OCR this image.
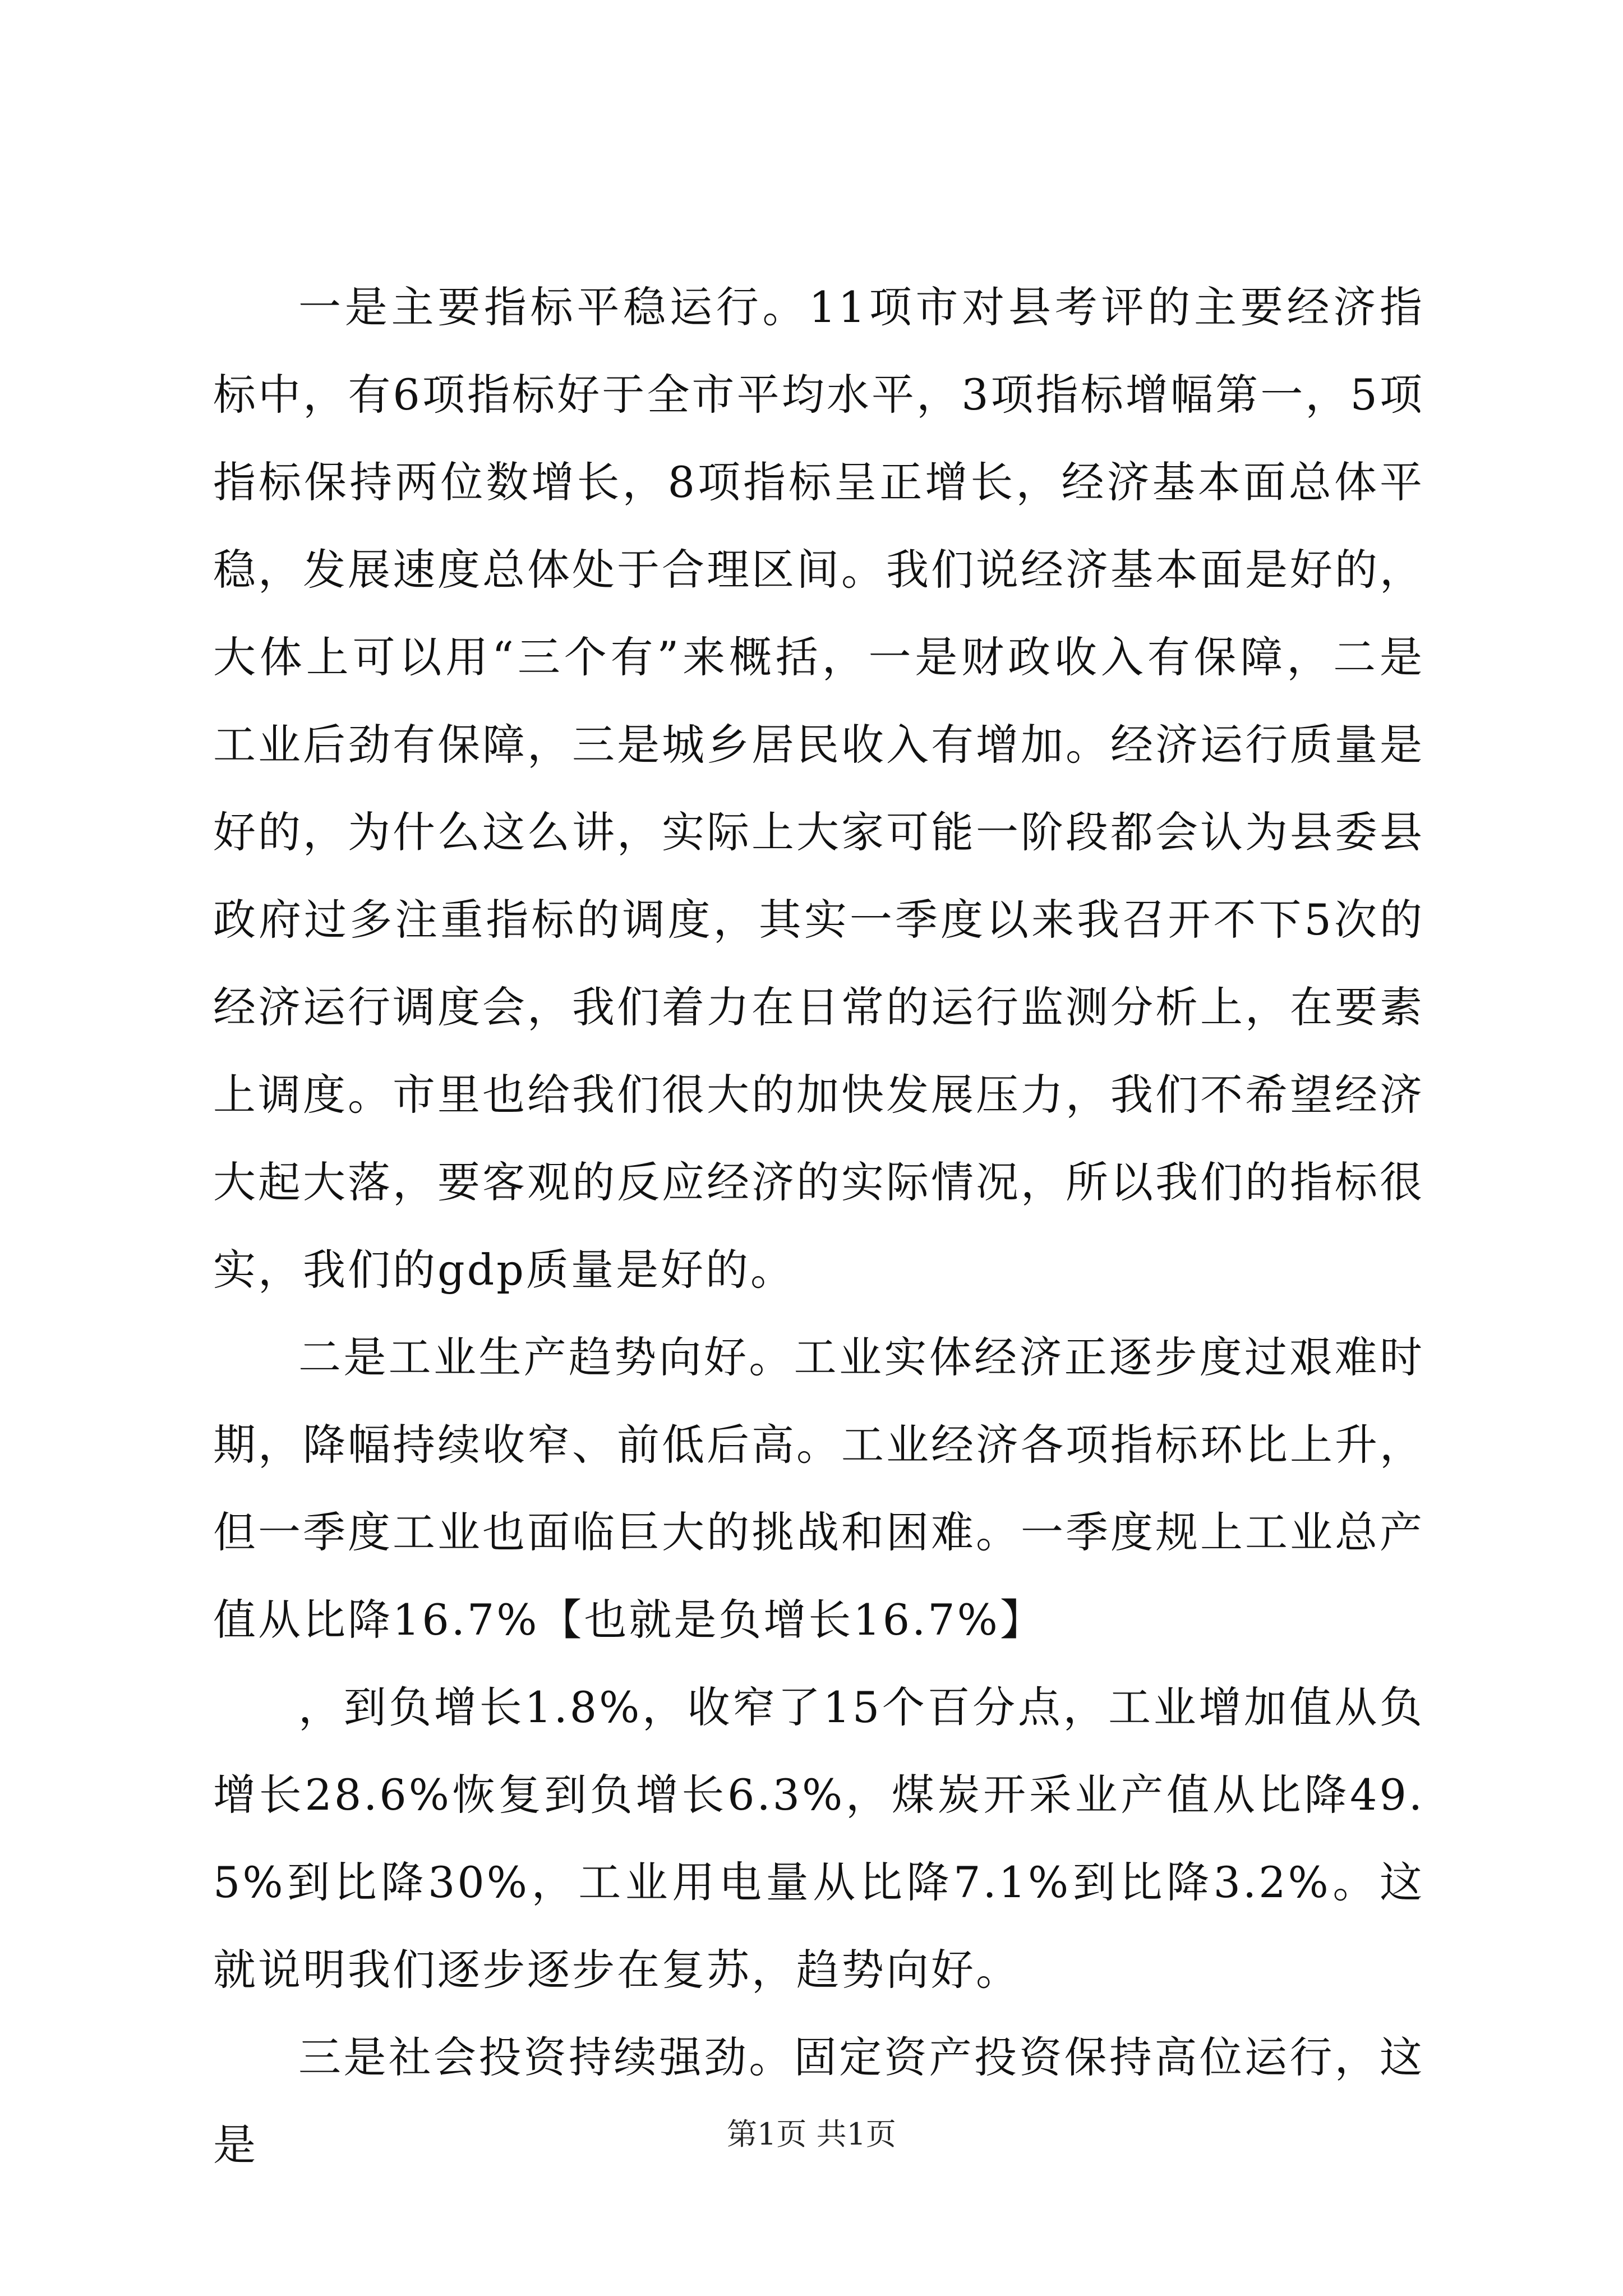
一是主要指标平稳运行。11项市对县考评的主要经济指标中，有6项指标好于全市平均水平，3项指标增幅第一，5项指标保持两位数增长，8项指标呈正增长，经济基本面总体平稳，发展速度总体处于合理区间。我们说经济基本面是好的，大体上可以用“三个有”来概括，一是财政收入有保障，二是工业后劲有保障，三是城乡居民收入有增加。经济运行质量是好的，为什么这么讲，实际上大家可能一阶段都会认为县委县政府过多注重指标的调度，其实一季度以来我召开不下5次的经济运行调度会，我们着力在日常的运行监测分析上，在要素上调度。市里也给我们很大的加快发展压力，我们不希望经济大起大落，要客观的反应经济的实际情况，所以我们的指标很实，我们的gdp质量是好的。

二是工业生产趋势向好。工业实体经济正逐步度过艰难时期，降幅持续收窄、前低后高。工业经济各项指标环比上升，但一季度工业也面临巨大的挑战和困难。一季度规上工业总产值从比降16.7%【也就是负增长16.7%】

，到负增长1.8%，收窄了15个百分点，工业增加值从负增长28.6%恢复到负增长6.3%，煤炭开采业产值从比降49.5%到比降30%，工业用电量从比降7.1%到比降3.2%。这就说明我们逐步逐步在复苏，趋势向好。

三是社会投资持续强劲。固定资产投资保持高位运行，这是	第1页 共1页
